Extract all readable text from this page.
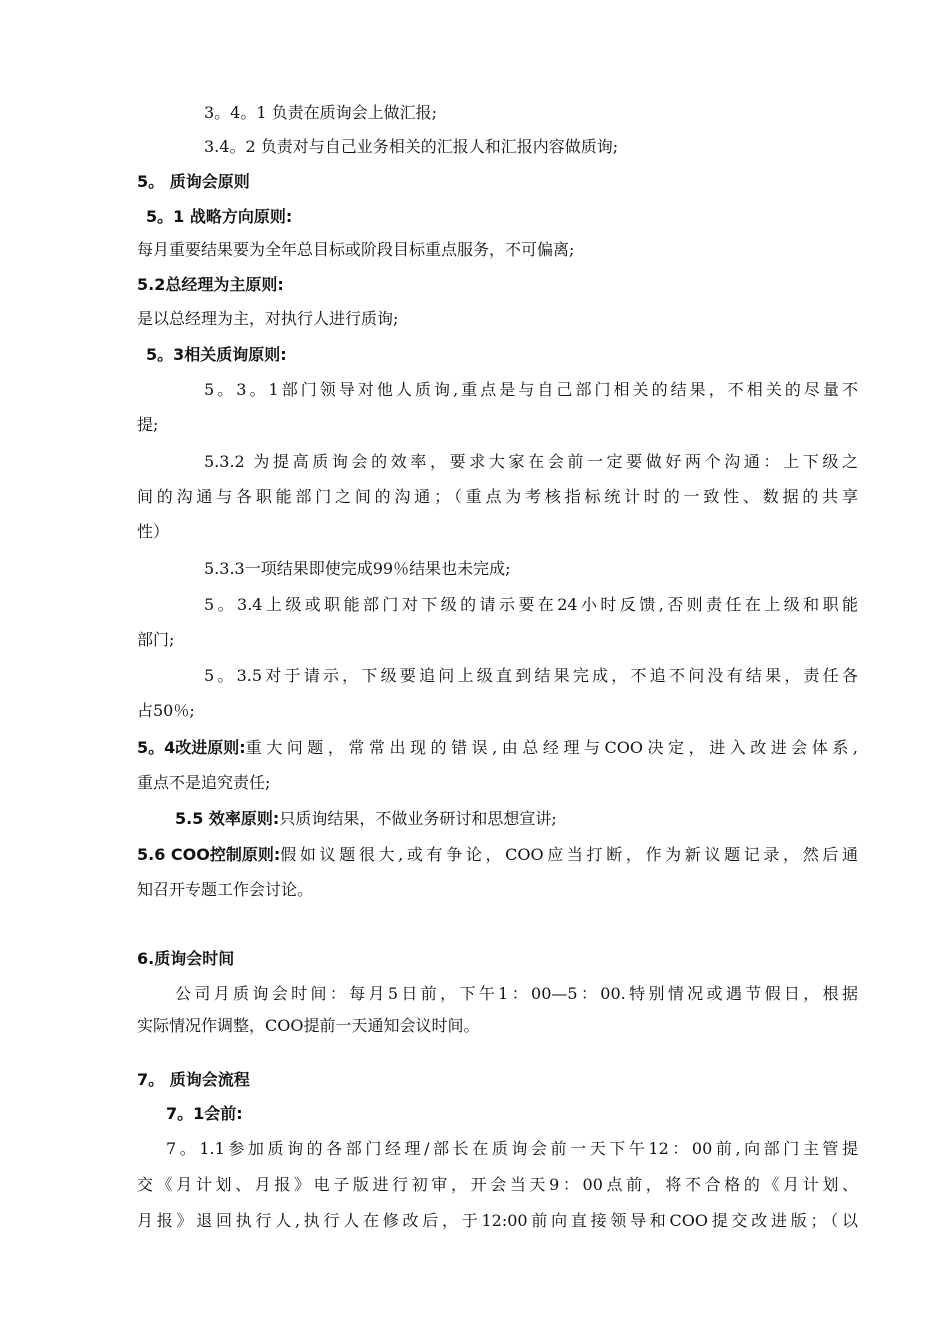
3。4。1 负责在质询会上做汇报;
3.4。2 负责对与自己业务相关的汇报人和汇报内容做质询;
5。 质询会原则
5。1 战略方向原则:
每月重要结果要为全年总目标或阶段目标重点服务，不可偏离;
5.2总经理为主原则:
是以总经理为主，对执行人进行质询;
5。3相关质询原则:
5。3。1部门领导对他人质询,重点是与自己部门相关的结果，不相关的尽量不
提;
5.3.2 为提高质询会的效率，要求大家在会前一定要做好两个沟通：上下级之
间的沟通与各职能部门之间的沟通；（重点为考核指标统计时的一致性、数据的共享
性）
5.3.3一项结果即使完成99％结果也未完成;
5。3.4上级或职能部门对下级的请示要在24小时反馈,否则责任在上级和职能
部门;
5。3.5对于请示，下级要追问上级直到结果完成，不追不问没有结果，责任各
占50％;
5。4改进原则: 重大问题，常常出现的错误,由总经理与COO决定，进入改进会体系,
重点不是追究责任;
5.5 效率原则:只质询结果，不做业务研讨和思想宣讲;
5.6 COO控制原则: 假如议题很大,或有争论，COO应当打断，作为新议题记录，然后通
知召开专题工作会讨论。
6.质询会时间
公司月质询会时间：每月5日前，下午1：00—5：00.特别情况或遇节假日，根据
实际情况作调整，COO提前一天通知会议时间。
7。 质询会流程
7。1会前:
7。1.1参加质询的各部门经理/部长在质询会前一天下午12：00前,向部门主管提
交《月计划、月报》电子版进行初审，开会当天9：00点前，将不合格的《月计划、
月报》退回执行人,执行人在修改后，于12:00前向直接领导和COO提交改进版；（以
